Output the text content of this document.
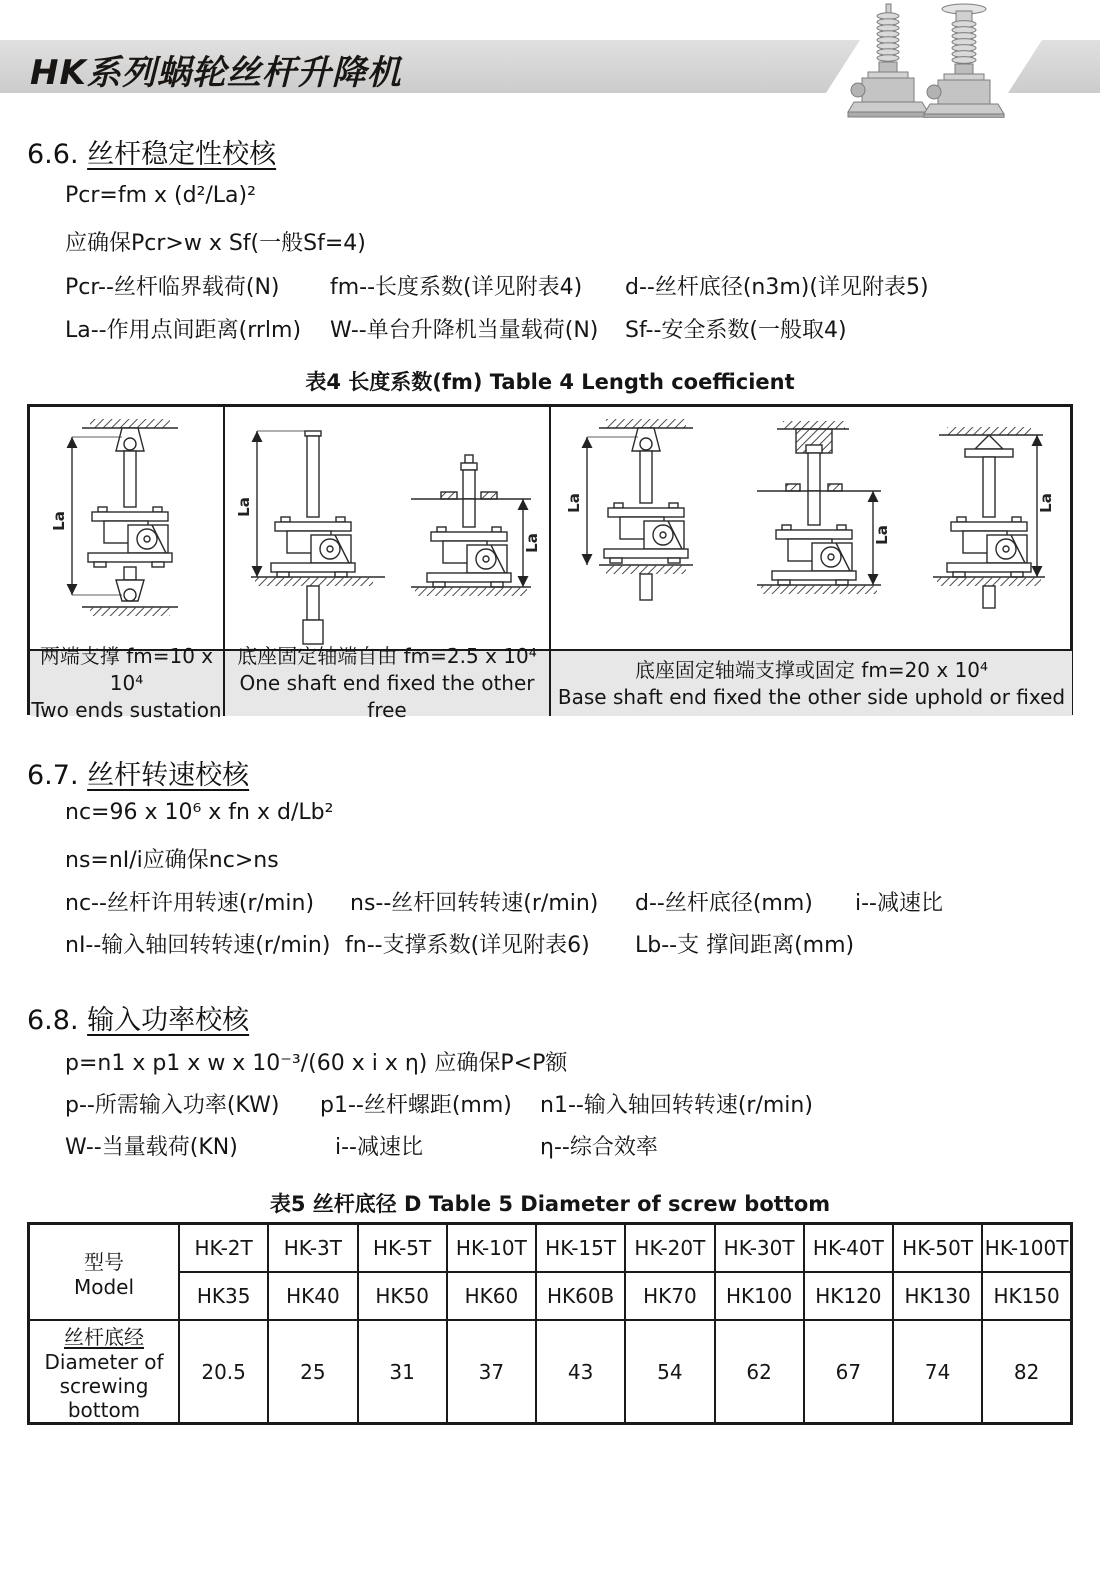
HK系列蜗轮丝杆升降机
6.6. 丝杆稳定性校核
Pcr=fm x (d²/La)²
应确保Pcr>w x Sf(一般Sf=4)
Pcr--丝杆临界载荷(N) fm--长度系数(详见附表4) d--丝杆底径(n3m)(详见附表5)
La--作用点间距离(rrlm) W--单台升降机当量载荷(N) Sf--安全系数(一般取4)
表4 长度系数(fm) Table 4 Length coefficient
La
La
La
La
La
La
两端支撑 fm=10 x 10⁴
Two ends sustation
底座固定轴端自由 fm=2.5 x 10⁴
One shaft end fixed the other free
底座固定轴端支撑或固定 fm=20 x 10⁴
Base shaft end fixed the other side uphold or fixed
6.7. 丝杆转速校核
nc=96 x 10⁶ x fn x d/Lb²
ns=nI/i应确保nc>ns
nc--丝杆许用转速(r/min) ns--丝杆回转转速(r/min) d--丝杆底径(mm) i--减速比
nI--输入轴回转转速(r/min) fn--支撑系数(详见附表6) Lb--支 撑间距离(mm)
6.8. 输入功率校核
p=n1 x p1 x w x 10⁻³/(60 x i x η) 应确保P<P额
p--所需输入功率(KW) p1--丝杆螺距(mm) n1--输入轴回转转速(r/min)
W--当量载荷(KN)	i--减速比	η--综合效率
表5 丝杆底径 D Table 5 Diameter of screw bottom
型号
Model	HK-2T	HK-3T	HK-5T	HK-10T	HK-15T	HK-20T	HK-30T	HK-40T	HK-50T	HK-100T
	HK35	HK40	HK50	HK60	HK60B	HK70	HK100	HK120	HK130	HK150

丝杆底经
Diameter of
screwing bottom	20.5	25	31	37	43	54	62	67	74	82
